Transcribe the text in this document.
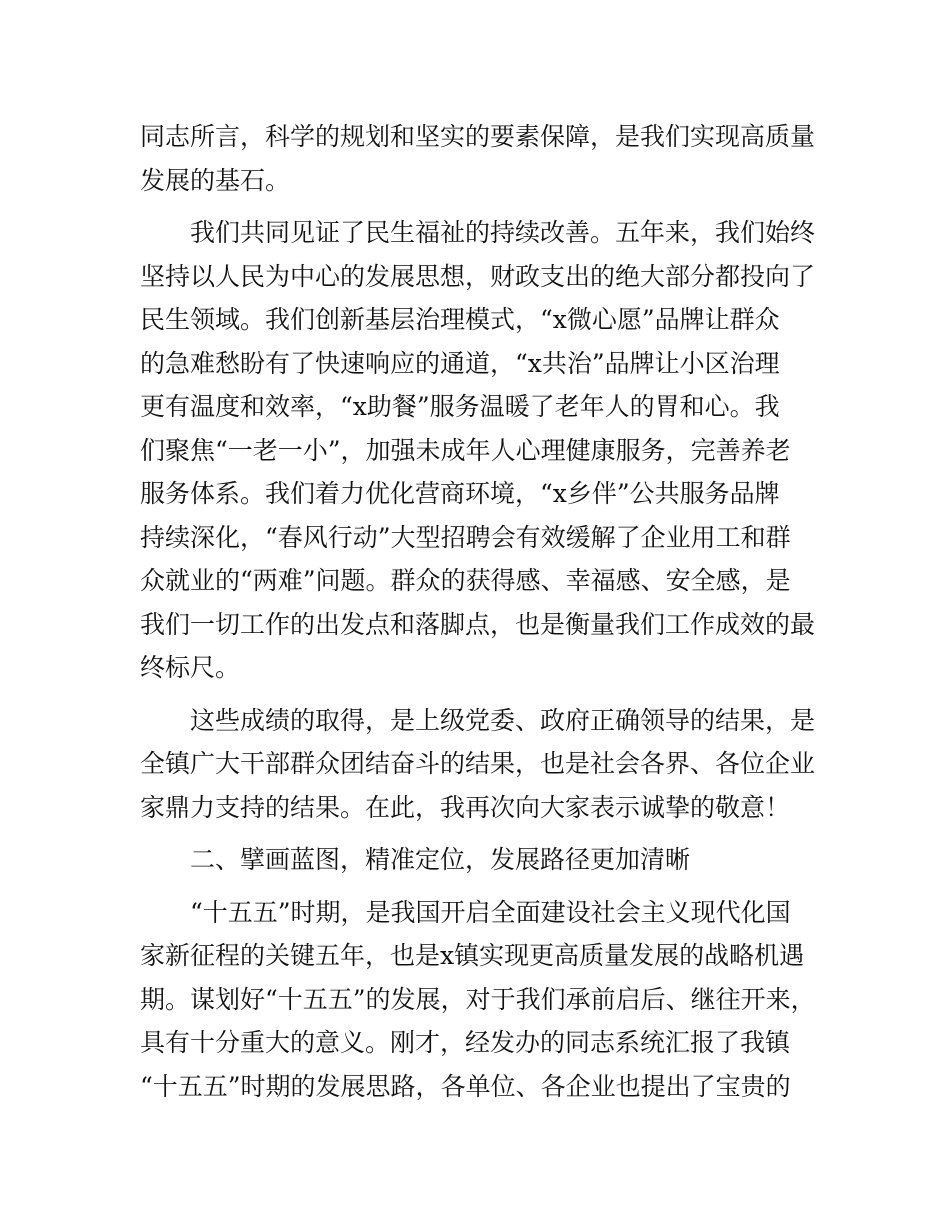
同志所言，科学的规划和坚实的要素保障，是我们实现高质量
发展的基石。
我们共同见证了民生福祉的持续改善。五年来，我们始终
坚持以人民为中心的发展思想，财政支出的绝大部分都投向了
民生领域。我们创新基层治理模式，“x微心愿”品牌让群众
的急难愁盼有了快速响应的通道，“x共治”品牌让小区治理
更有温度和效率，“x助餐”服务温暖了老年人的胃和心。我
们聚焦“一老一小”，加强未成年人心理健康服务，完善养老
服务体系。我们着力优化营商环境，“x乡伴”公共服务品牌
持续深化，“春风行动”大型招聘会有效缓解了企业用工和群
众就业的“两难”问题。群众的获得感、幸福感、安全感，是
我们一切工作的出发点和落脚点，也是衡量我们工作成效的最
终标尺。
这些成绩的取得，是上级党委、政府正确领导的结果，是
全镇广大干部群众团结奋斗的结果，也是社会各界、各位企业
家鼎力支持的结果。在此，我再次向大家表示诚挚的敬意！
二、擘画蓝图，精准定位，发展路径更加清晰
“十五五”时期，是我国开启全面建设社会主义现代化国
家新征程的关键五年，也是x镇实现更高质量发展的战略机遇
期。谋划好“十五五”的发展，对于我们承前启后、继往开来，
具有十分重大的意义。刚才，经发办的同志系统汇报了我镇
“十五五”时期的发展思路，各单位、各企业也提出了宝贵的
